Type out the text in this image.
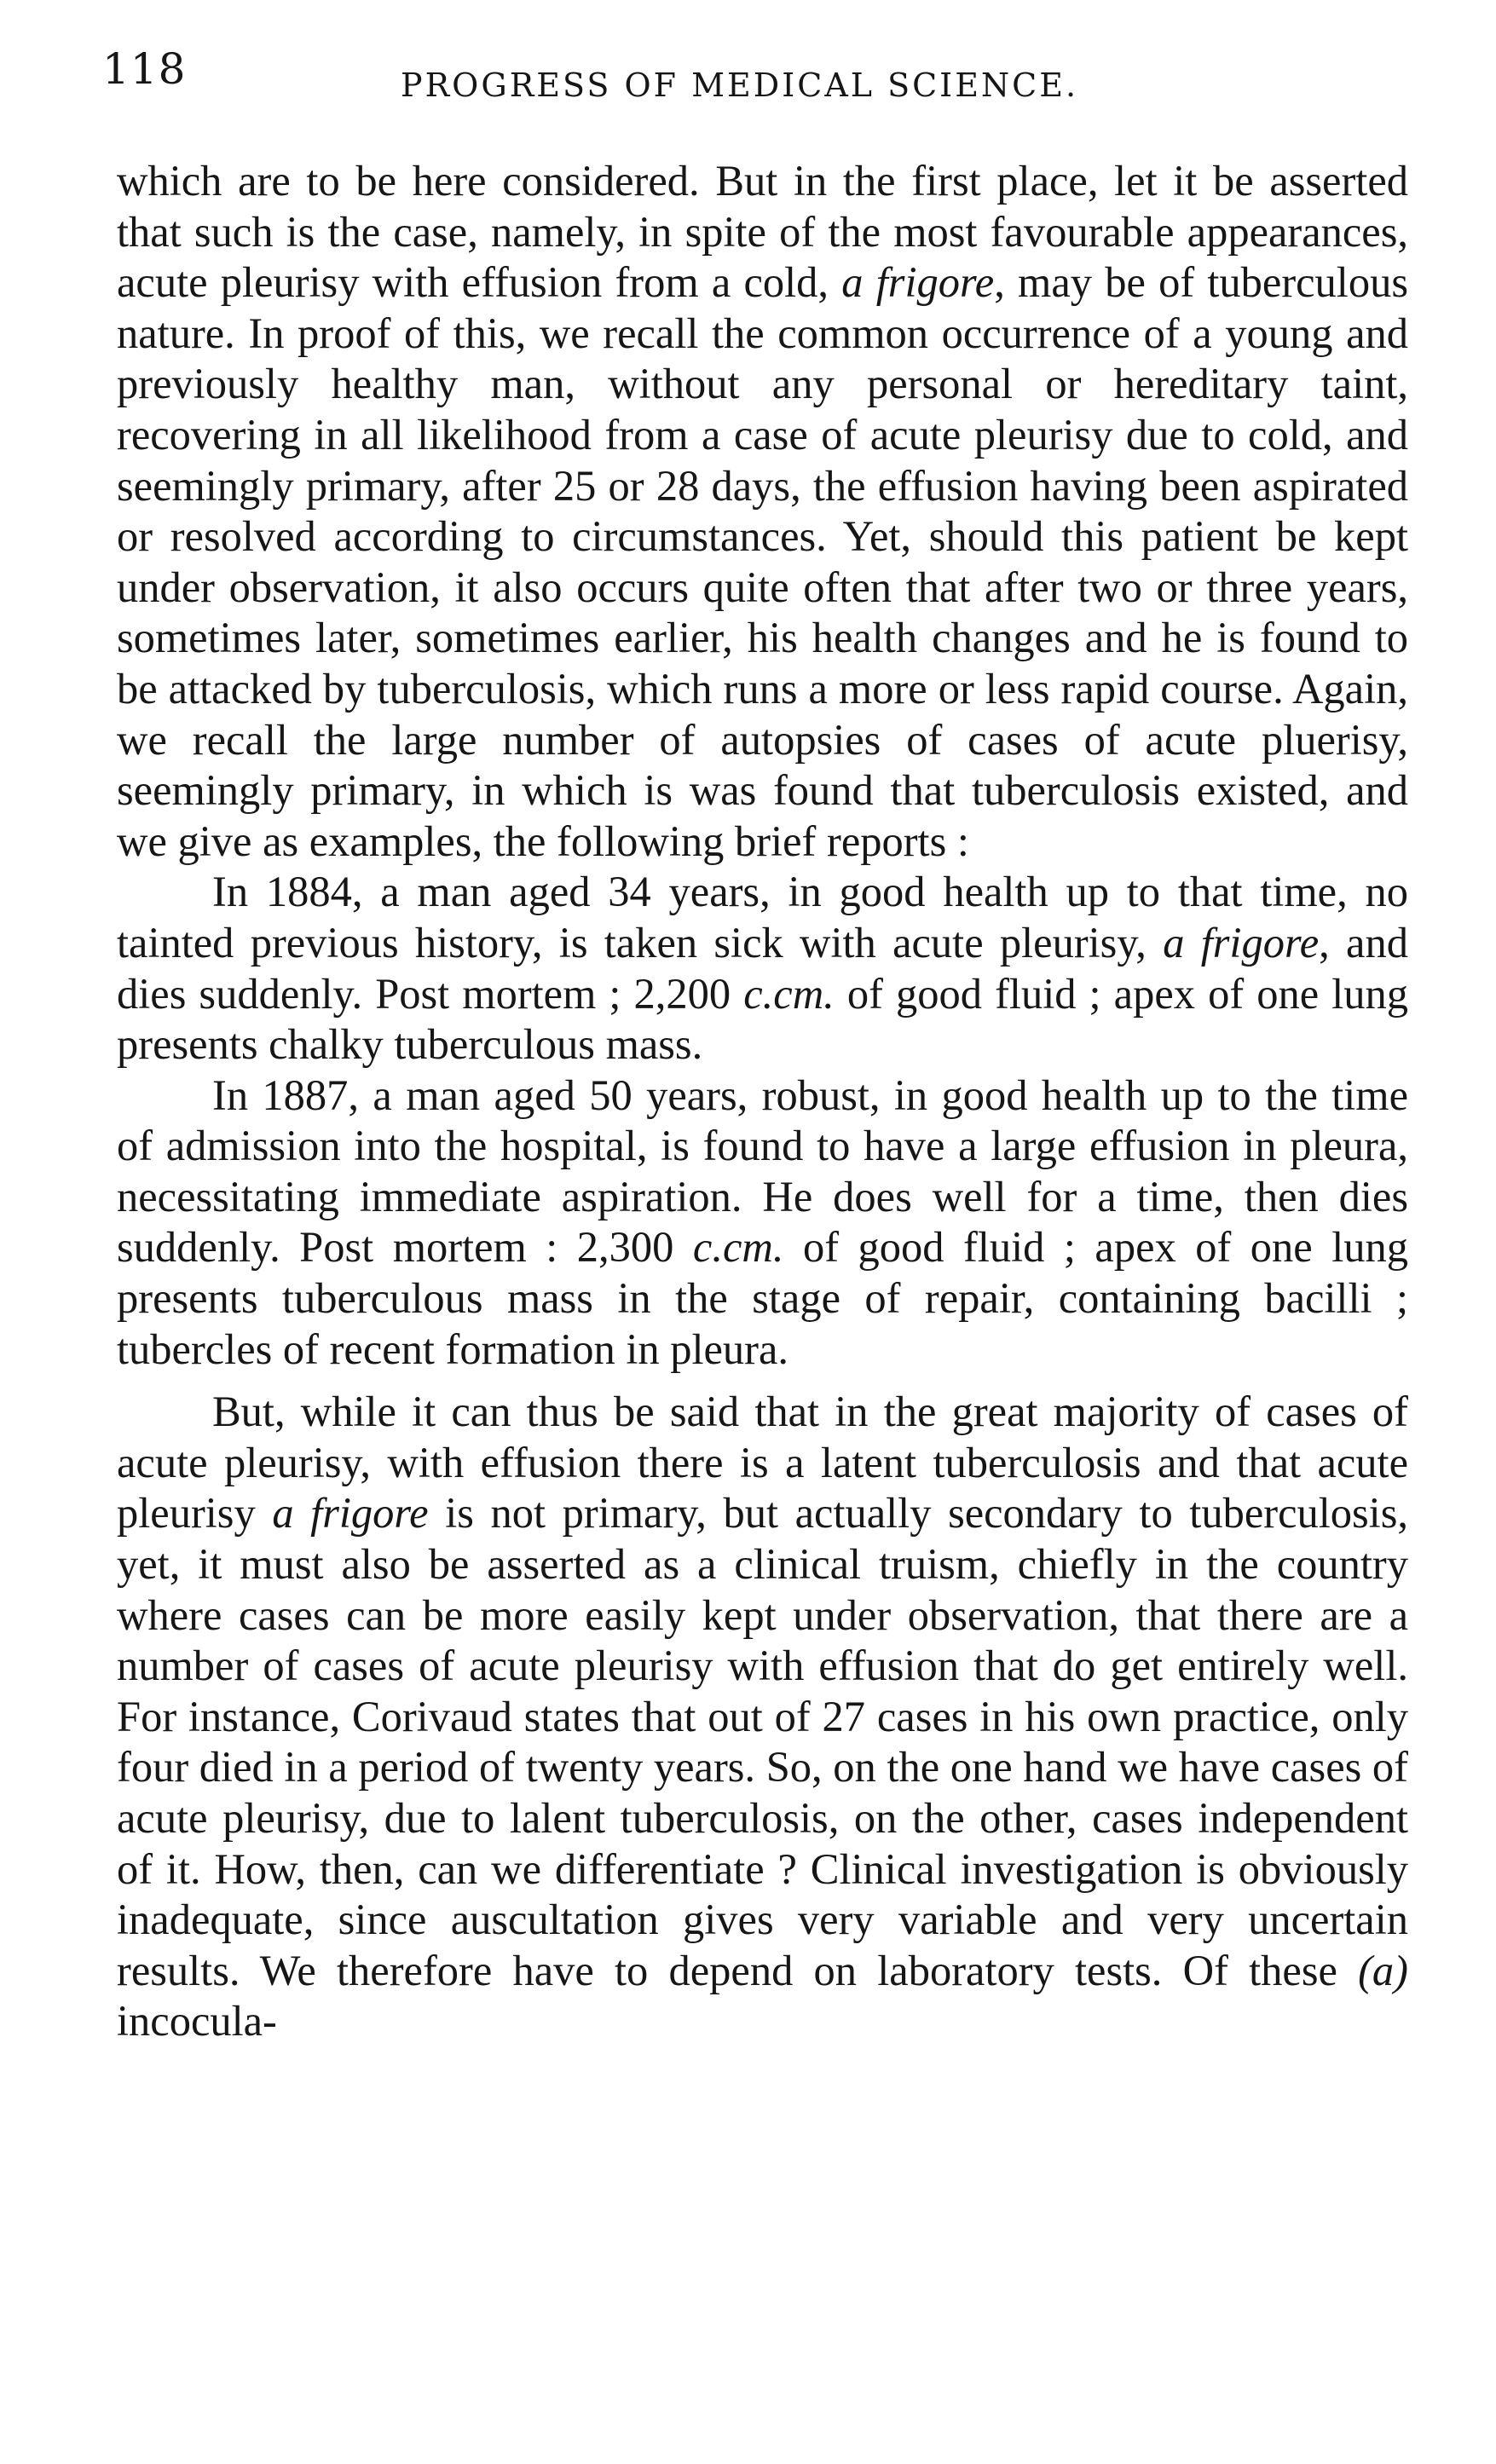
118	PROGRESS OF MEDICAL SCIENCE.

which are to be here considered. But in the first place, let it be asserted that such is the case, namely, in spite of the most favourable appearances, acute pleurisy with effusion from a cold, a frigore, may be of tuberculous nature. In proof of this, we recall the common occurrence of a young and previously healthy man, without any personal or hereditary taint, recovering in all likelihood from a case of acute pleurisy due to cold, and seemingly primary, after 25 or 28 days, the effusion having been aspirated or resolved according to circumstances. Yet, should this patient be kept under observation, it also occurs quite often that after two or three years, sometimes later, sometimes earlier, his health changes and he is found to be attacked by tuberculosis, which runs a more or less rapid course. Again, we recall the large number of autopsies of cases of acute pluerisy, seemingly primary, in which is was found that tuberculosis existed, and we give as examples, the following brief reports :

In 1884, a man aged 34 years, in good health up to that time, no tainted previous history, is taken sick with acute pleurisy, a frigore, and dies suddenly. Post mortem ; 2,200 c.cm. of good fluid ; apex of one lung presents chalky tuberculous mass.

In 1887, a man aged 50 years, robust, in good health up to the time of admission into the hospital, is found to have a large effusion in pleura, necessitating immediate aspiration. He does well for a time, then dies suddenly. Post mortem : 2,300 c.cm. of good fluid ; apex of one lung presents tuberculous mass in the stage of repair, containing bacilli ; tubercles of recent formation in pleura.

But, while it can thus be said that in the great majority of cases of acute pleurisy, with effusion there is a latent tuberculosis and that acute pleurisy a frigore is not primary, but actually secondary to tuberculosis, yet, it must also be asserted as a clinical truism, chiefly in the country where cases can be more easily kept under observation, that there are a number of cases of acute pleurisy with effusion that do get entirely well. For instance, Corivaud states that out of 27 cases in his own practice, only four died in a period of twenty years. So, on the one hand we have cases of acute pleurisy, due to lalent tuberculosis, on the other, cases independent of it. How, then, can we differentiate ? Clinical investigation is obviously inadequate, since auscultation gives very variable and very uncertain results. We therefore have to depend on laboratory tests. Of these (a) incocula-
